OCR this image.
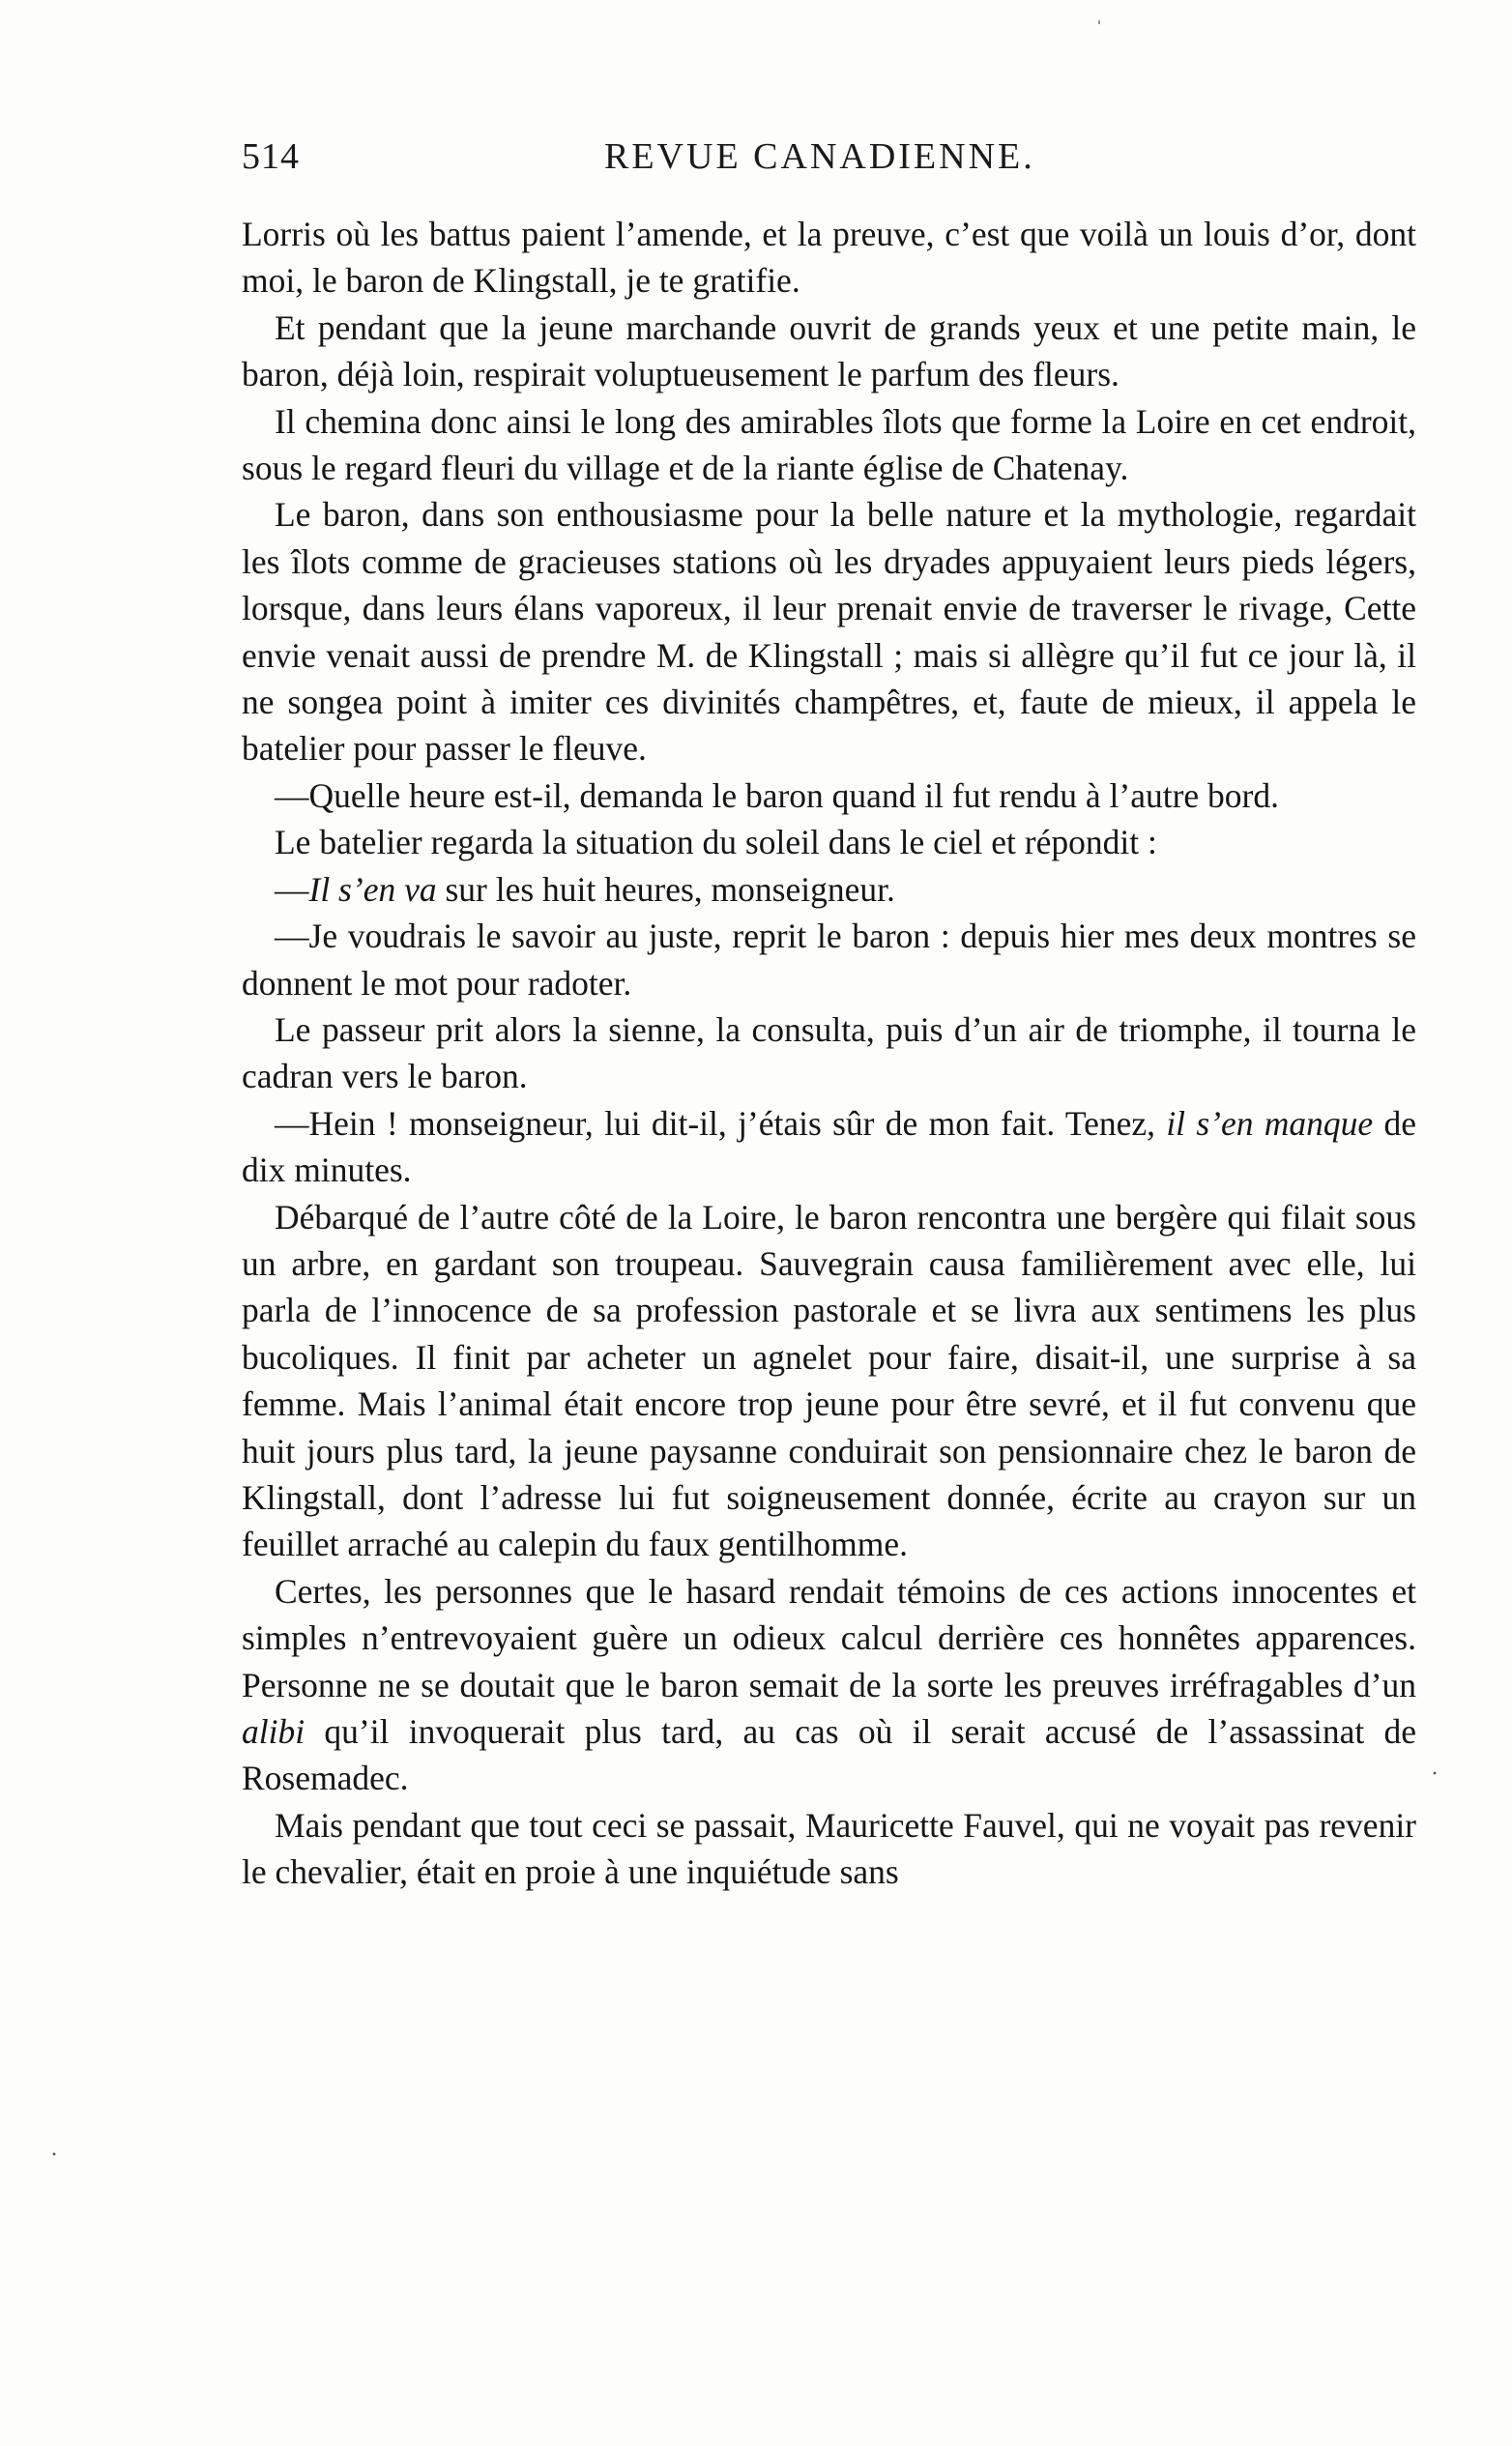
514	REVUE CANADIENNE.

Lorris où les battus paient l’amende, et la preuve, c’est que voilà un louis d’or, dont moi, le baron de Klingstall, je te gratifie.

Et pendant que la jeune marchande ouvrit de grands yeux et une petite main, le baron, déjà loin, respirait voluptueusement le parfum des fleurs.

Il chemina donc ainsi le long des amirables îlots que forme la Loire en cet endroit, sous le regard fleuri du village et de la riante église de Chatenay.

Le baron, dans son enthousiasme pour la belle nature et la mythologie, regardait les îlots comme de gracieuses stations où les dryades appuyaient leurs pieds légers, lorsque, dans leurs élans vaporeux, il leur prenait envie de traverser le rivage, Cette envie venait aussi de prendre M. de Klingstall ; mais si allègre qu’il fut ce jour là, il ne songea point à imiter ces divinités champêtres, et, faute de mieux, il appela le batelier pour passer le fleuve.

—Quelle heure est-il, demanda le baron quand il fut rendu à l’autre bord.

Le batelier regarda la situation du soleil dans le ciel et répondit :

—Il s’en va sur les huit heures, monseigneur.

—Je voudrais le savoir au juste, reprit le baron : depuis hier mes deux montres se donnent le mot pour radoter.

Le passeur prit alors la sienne, la consulta, puis d’un air de triomphe, il tourna le cadran vers le baron.

—Hein ! monseigneur, lui dit-il, j’étais sûr de mon fait. Tenez, il s’en manque de dix minutes.

Débarqué de l’autre côté de la Loire, le baron rencontra une bergère qui filait sous un arbre, en gardant son troupeau. Sauvegrain causa familièrement avec elle, lui parla de l’innocence de sa profession pastorale et se livra aux sentimens les plus bucoliques. Il finit par acheter un agnelet pour faire, disait-il, une surprise à sa femme. Mais l’animal était encore trop jeune pour être sevré, et il fut convenu que huit jours plus tard, la jeune paysanne conduirait son pensionnaire chez le baron de Klingstall, dont l’adresse lui fut soigneusement donnée, écrite au crayon sur un feuillet arraché au calepin du faux gentilhomme.

Certes, les personnes que le hasard rendait témoins de ces actions innocentes et simples n’entrevoyaient guère un odieux calcul derrière ces honnêtes apparences. Personne ne se doutait que le baron semait de la sorte les preuves irréfragables d’un alibi qu’il invoquerait plus tard, au cas où il serait accusé de l’assassinat de Rosemadec.

Mais pendant que tout ceci se passait, Mauricette Fauvel, qui ne voyait pas revenir le chevalier, était en proie à une inquiétude sans

ˈ
·
·
